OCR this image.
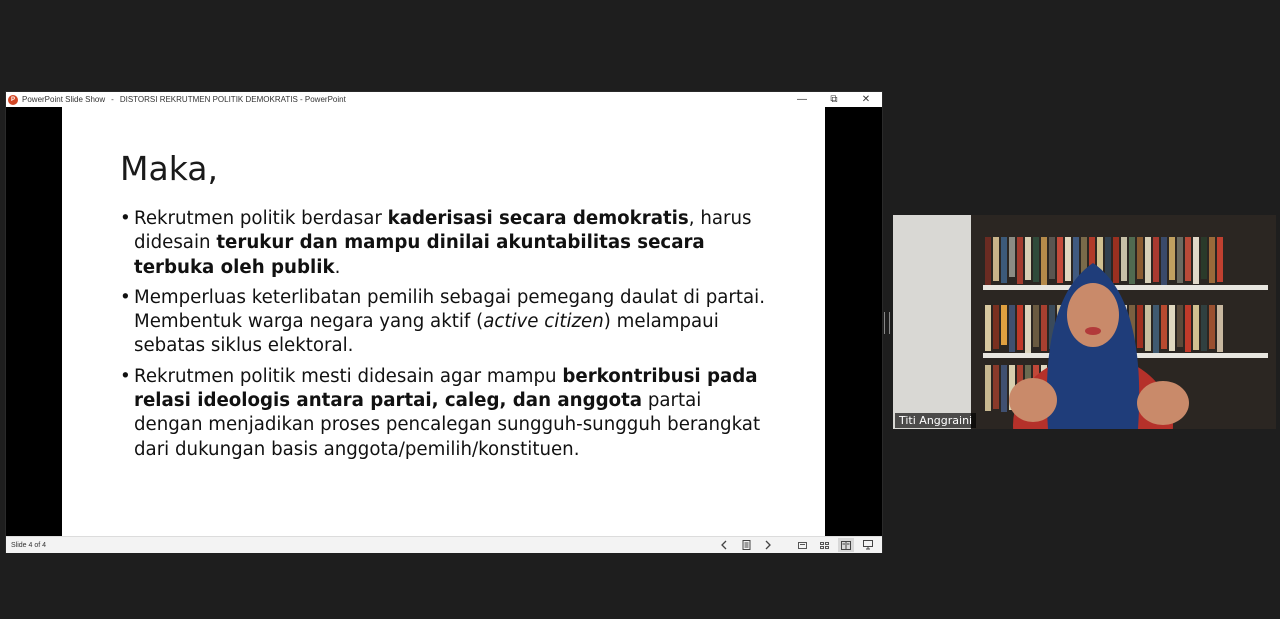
P PowerPoint Slide Show - DISTORSI REKRUTMEN POLITIK DEMOKRATIS - PowerPoint	—	⧉	✕
Maka,
• Rekrutmen politik berdasar kaderisasi secara demokratis, harus didesain terukur dan mampu dinilai akuntabilitas secara terbuka oleh publik.
• Memperluas keterlibatan pemilih sebagai pemegang daulat di partai. Membentuk warga negara yang aktif (active citizen) melampaui sebatas siklus elektoral.
• Rekrutmen politik mesti didesain agar mampu berkontribusi pada relasi ideologis antara partai, caleg, dan anggota partai dengan menjadikan proses pencalegan sungguh-sungguh berangkat dari dukungan basis anggota/pemilih/konstituen.
Slide 4 of 4
Titi Anggraini
